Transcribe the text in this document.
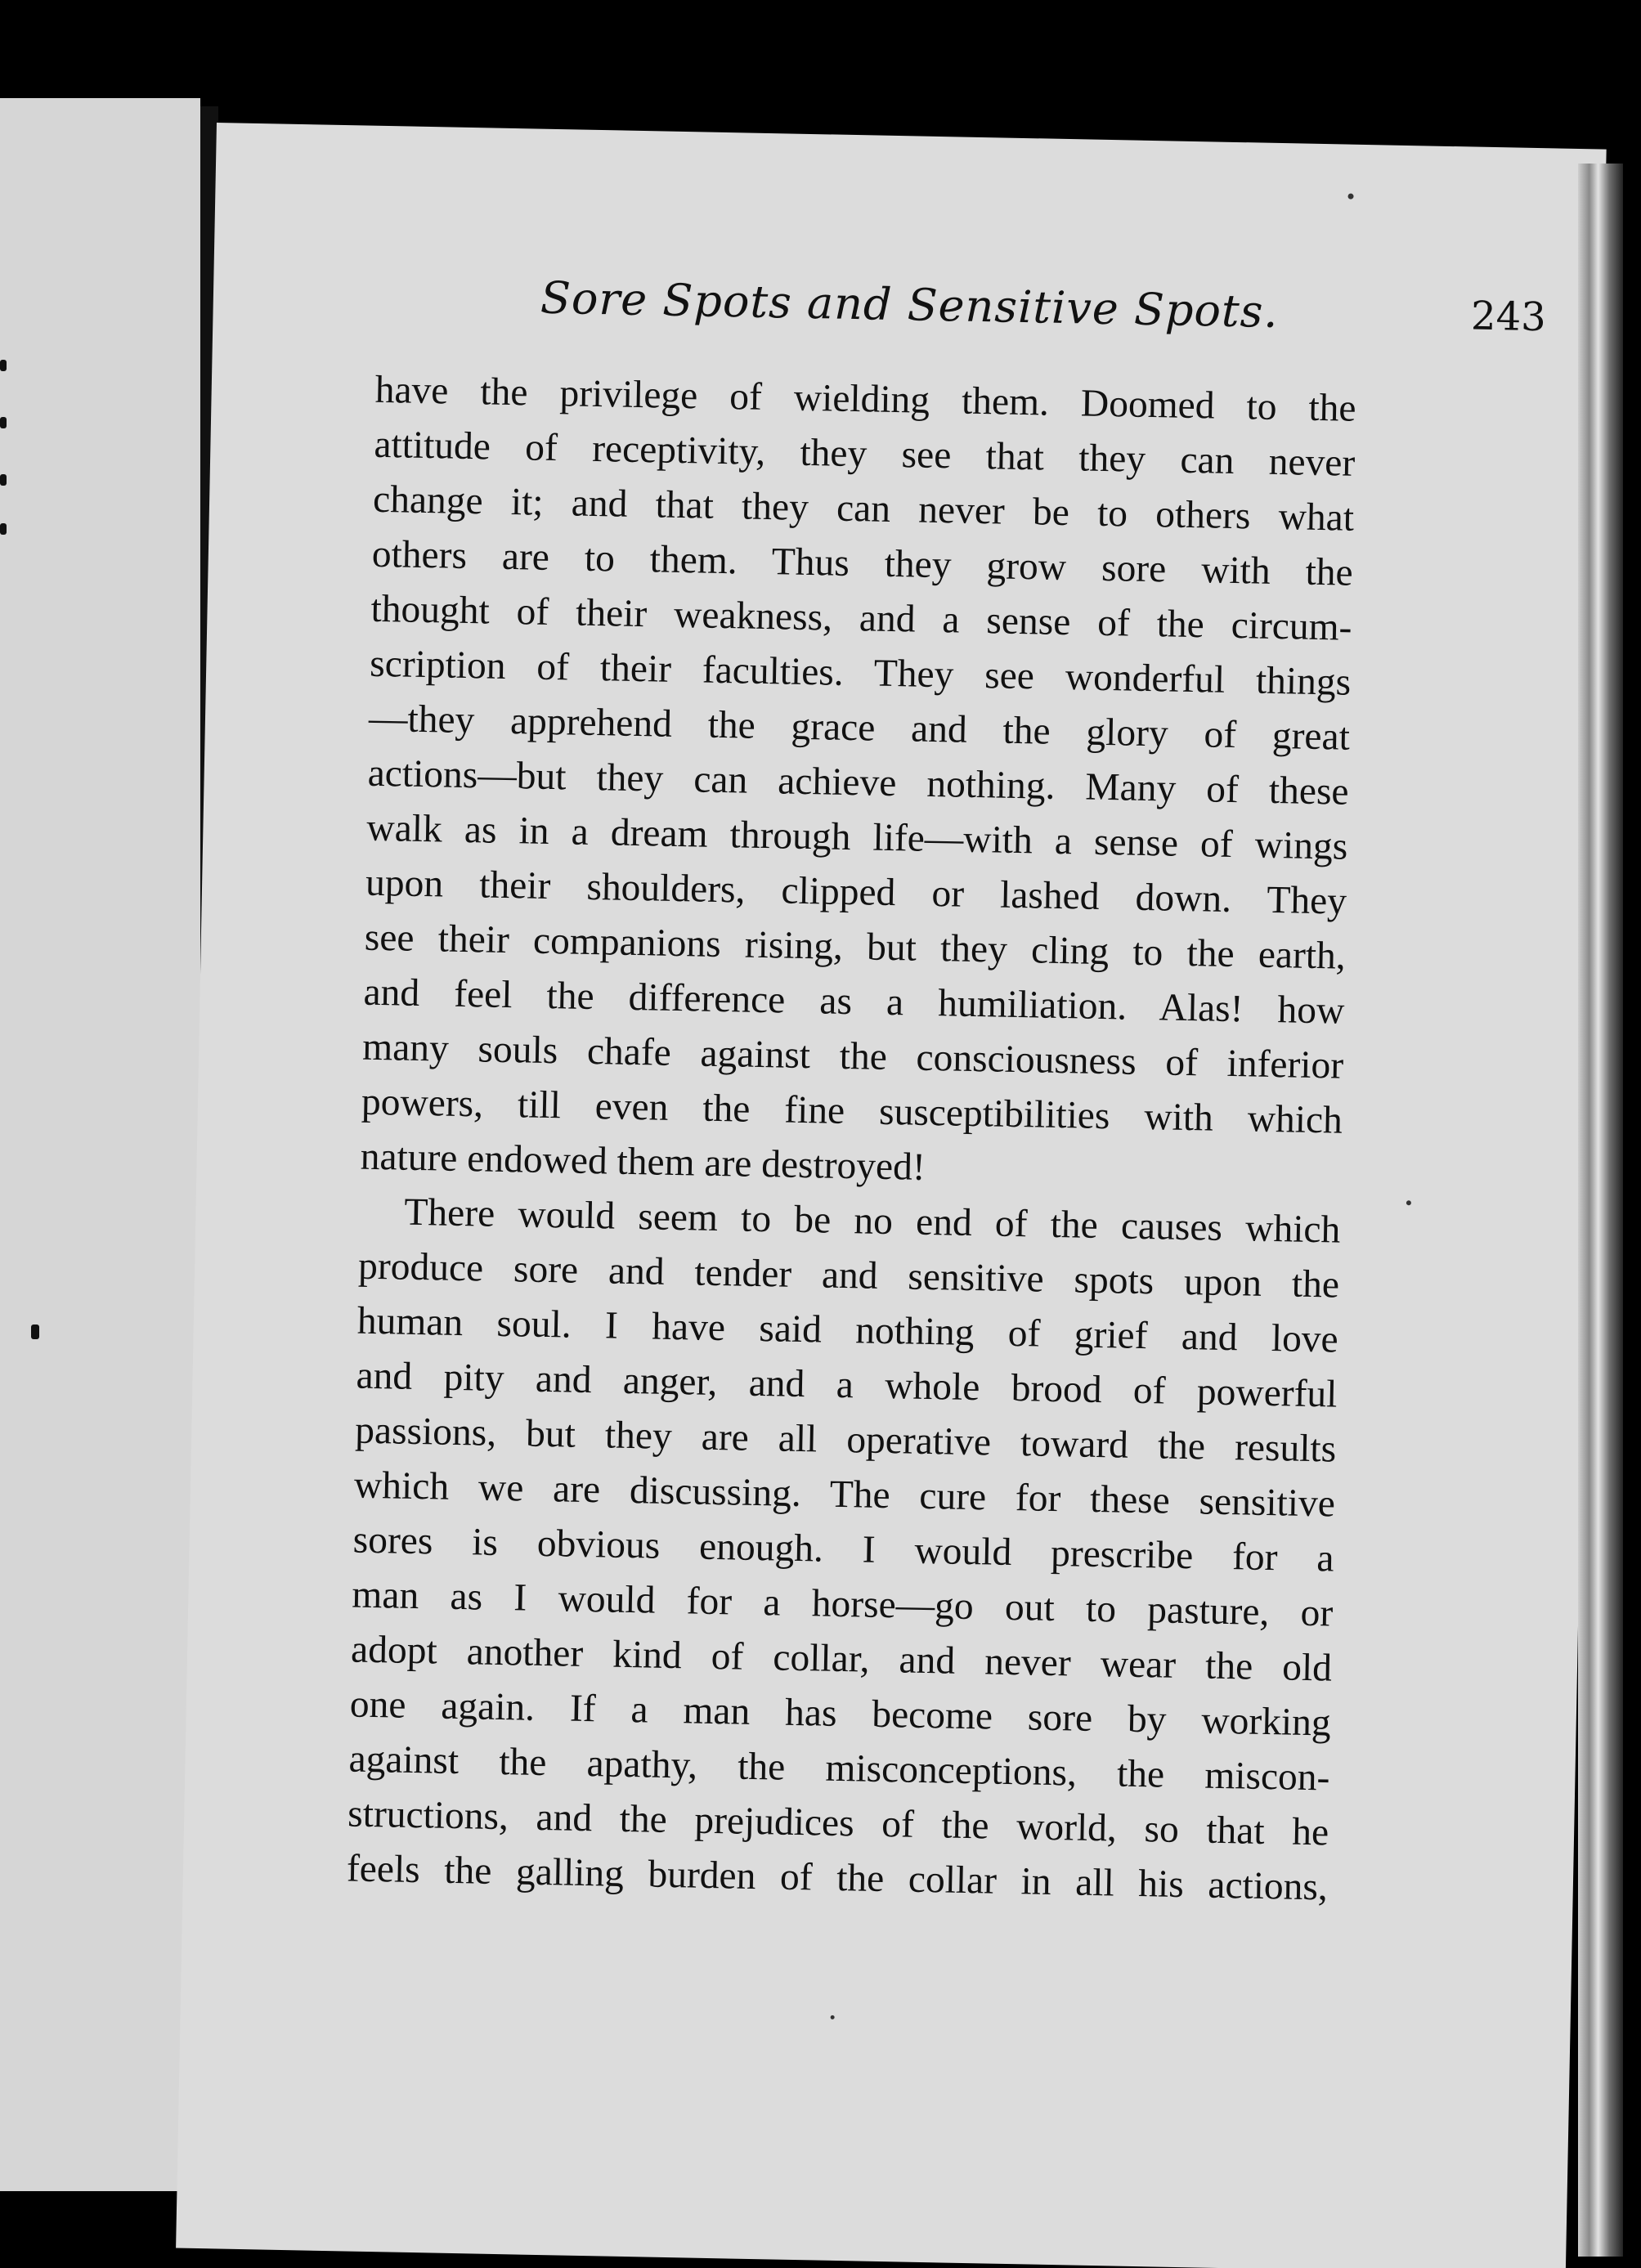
Sore Spots and Sensitive Spots.	243
have the privilege of wielding them. Doomed to the
attitude of receptivity, they see that they can never
change it; and that they can never be to others what
others are to them. Thus they grow sore with the
thought of their weakness, and a sense of the circum-
scription of their faculties. They see wonderful things
—they apprehend the grace and the glory of great
actions—but they can achieve nothing. Many of these
walk as in a dream through life—with a sense of wings
upon their shoulders, clipped or lashed down. They
see their companions rising, but they cling to the earth,
and feel the difference as a humiliation. Alas! how
many souls chafe against the consciousness of inferior
powers, till even the fine susceptibilities with which
nature endowed them are destroyed!
There would seem to be no end of the causes which
produce sore and tender and sensitive spots upon the
human soul. I have said nothing of grief and love
and pity and anger, and a whole brood of powerful
passions, but they are all operative toward the results
which we are discussing. The cure for these sensitive
sores is obvious enough. I would prescribe for a
man as I would for a horse—go out to pasture, or
adopt another kind of collar, and never wear the old
one again. If a man has become sore by working
against the apathy, the misconceptions, the miscon-
structions, and the prejudices of the world, so that he
feels the galling burden of the collar in all his actions,
